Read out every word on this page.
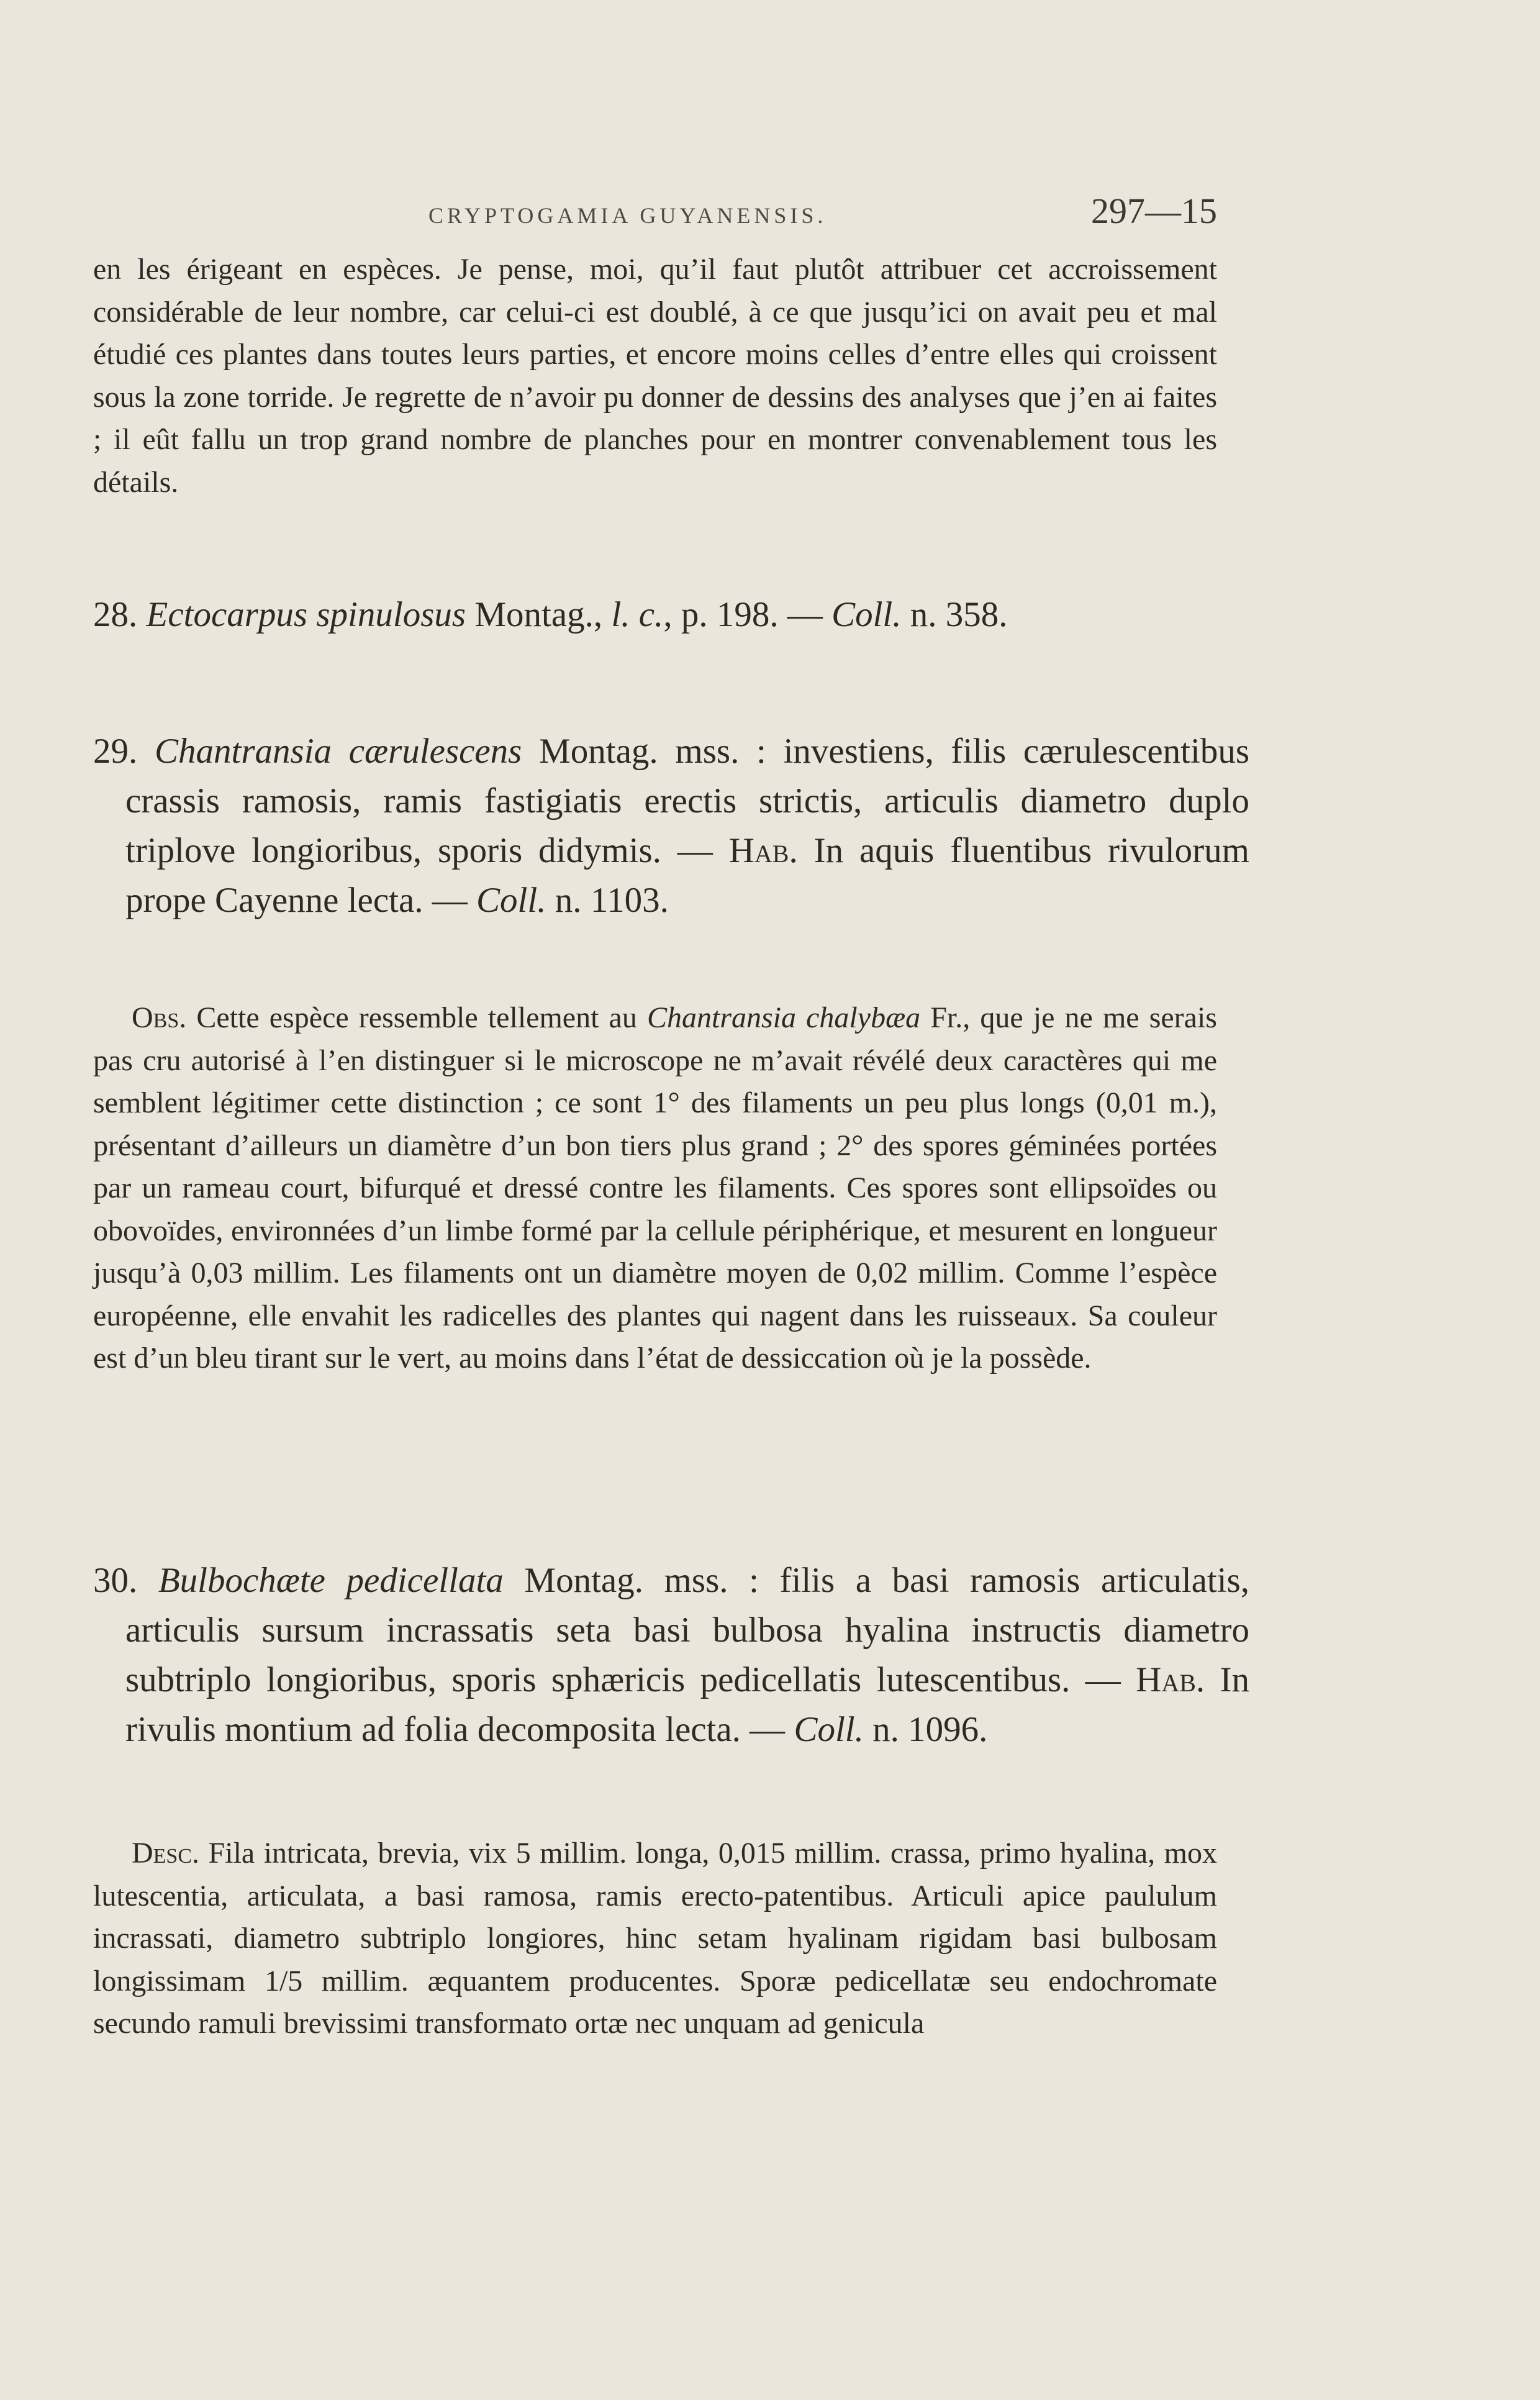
CRYPTOGAMIA GUYANENSIS.	297—15

en les érigeant en espèces. Je pense, moi, qu’il faut plutôt attribuer cet accroissement considérable de leur nombre, car celui-ci est doublé, à ce que jusqu’ici on avait peu et mal étudié ces plantes dans toutes leurs parties, et encore moins celles d’entre elles qui croissent sous la zone torride. Je regrette de n’avoir pu donner de dessins des analyses que j’en ai faites ; il eût fallu un trop grand nombre de planches pour en montrer convenablement tous les détails.

28. Ectocarpus spinulosus Montag., l. c., p. 198. — Coll. n. 358.

29. Chantransia cærulescens Montag. mss. : investiens, filis cærulescentibus crassis ramosis, ramis fastigiatis erectis strictis, articulis diametro duplo triplove longioribus, sporis didymis. — Hab. In aquis fluentibus rivulorum prope Cayenne lecta. — Coll. n. 1103.

Obs. Cette espèce ressemble tellement au Chantransia chalybæa Fr., que je ne me serais pas cru autorisé à l’en distinguer si le microscope ne m’avait révélé deux caractères qui me semblent légitimer cette distinction ; ce sont 1° des filaments un peu plus longs (0,01 m.), présentant d’ailleurs un diamètre d’un bon tiers plus grand ; 2° des spores géminées portées par un rameau court, bifurqué et dressé contre les filaments. Ces spores sont ellipsoïdes ou obovoïdes, environnées d’un limbe formé par la cellule périphérique, et mesurent en longueur jusqu’à 0,03 millim. Les filaments ont un diamètre moyen de 0,02 millim. Comme l’espèce européenne, elle envahit les radicelles des plantes qui nagent dans les ruisseaux. Sa couleur est d’un bleu tirant sur le vert, au moins dans l’état de dessiccation où je la possède.

30. Bulbochæte pedicellata Montag. mss. : filis a basi ramosis articulatis, articulis sursum incrassatis seta basi bulbosa hyalina instructis diametro subtriplo longioribus, sporis sphæricis pedicellatis lutescentibus. — Hab. In rivulis montium ad folia decomposita lecta. — Coll. n. 1096.

Desc. Fila intricata, brevia, vix 5 millim. longa, 0,015 millim. crassa, primo hyalina, mox lutescentia, articulata, a basi ramosa, ramis erecto-patentibus. Articuli apice paululum incrassati, diametro subtriplo longiores, hinc setam hyalinam rigidam basi bulbosam longissimam 1/5 millim. æquantem producentes. Sporæ pedicellatæ seu endochromate secundo ramuli brevissimi transformato ortæ nec unquam ad genicula
